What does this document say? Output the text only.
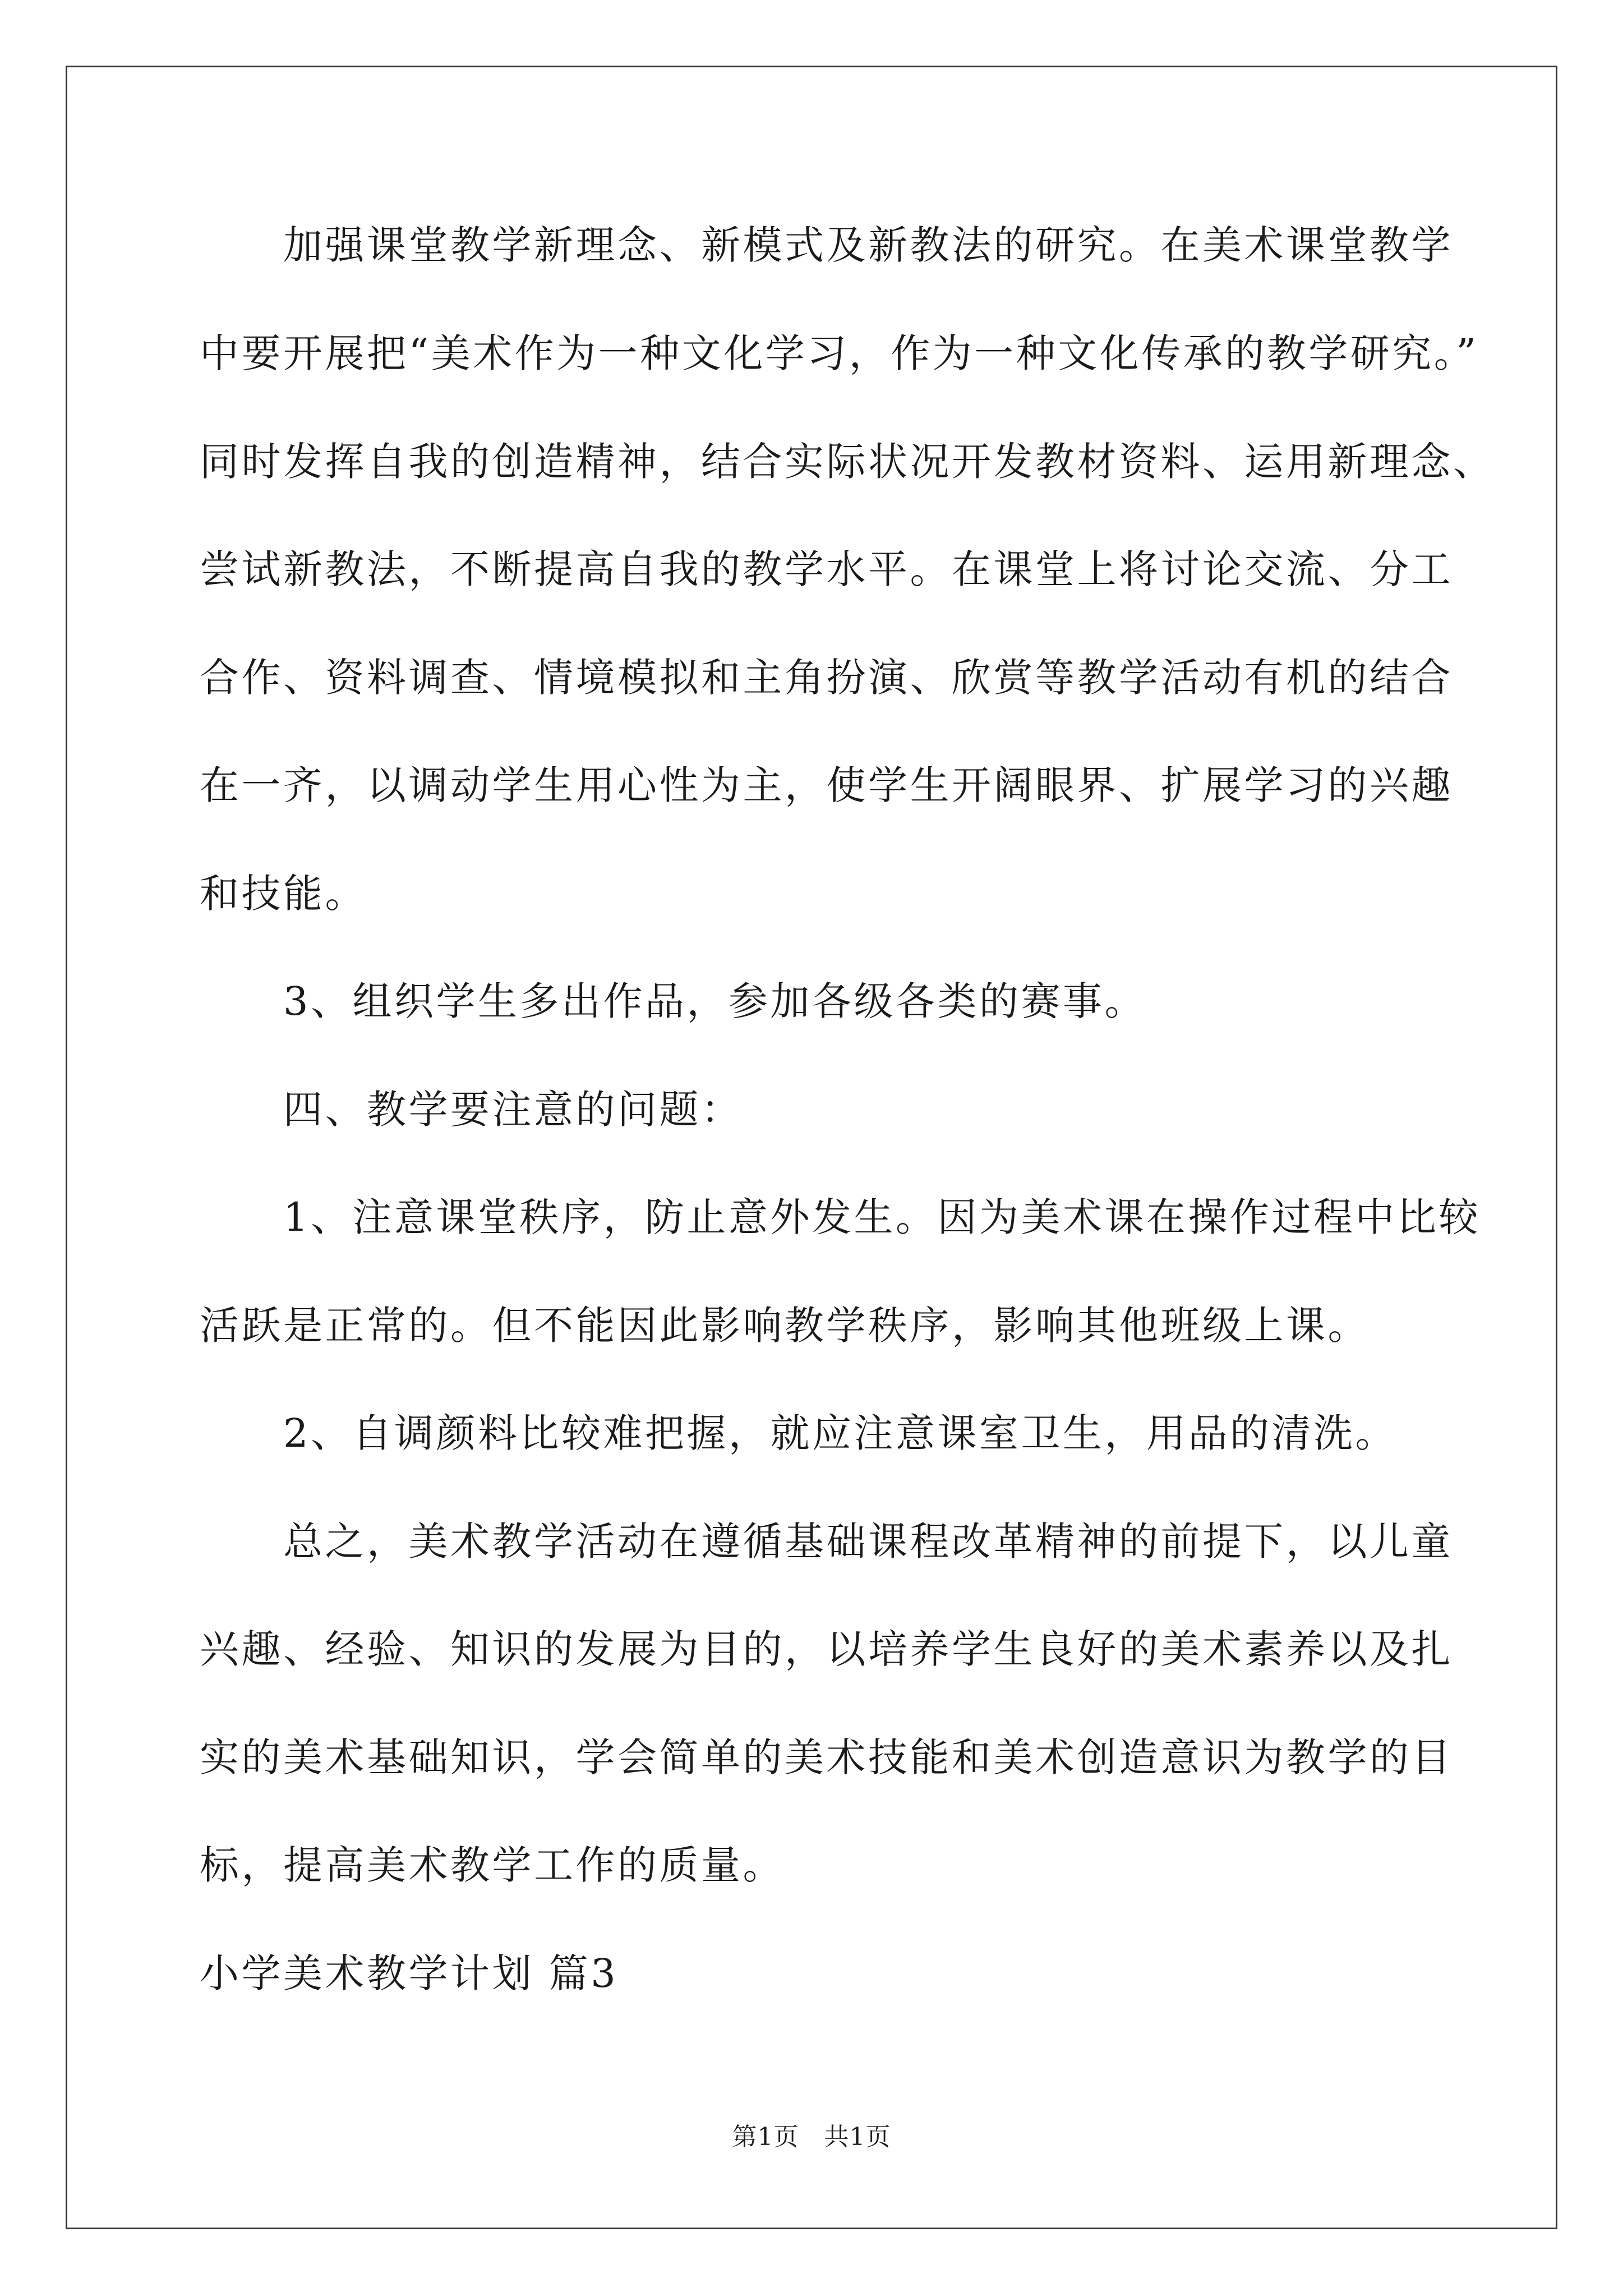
　　加强课堂教学新理念、新模式及新教法的研究。在美术课堂教学
中要开展把“美术作为一种文化学习，作为一种文化传承的教学研究。”
同时发挥自我的创造精神，结合实际状况开发教材资料、运用新理念、
尝试新教法，不断提高自我的教学水平。在课堂上将讨论交流、分工
合作、资料调查、情境模拟和主角扮演、欣赏等教学活动有机的结合
在一齐，以调动学生用心性为主，使学生开阔眼界、扩展学习的兴趣
和技能。
　　3、组织学生多出作品，参加各级各类的赛事。
　　四、教学要注意的问题：
　　1、注意课堂秩序，防止意外发生。因为美术课在操作过程中比较
活跃是正常的。但不能因此影响教学秩序，影响其他班级上课。
　　2、自调颜料比较难把握，就应注意课室卫生，用品的清洗。
　　总之，美术教学活动在遵循基础课程改革精神的前提下，以儿童
兴趣、经验、知识的发展为目的，以培养学生良好的美术素养以及扎
实的美术基础知识，学会简单的美术技能和美术创造意识为教学的目
标，提高美术教学工作的质量。
小学美术教学计划 篇3
第1页　共1页
